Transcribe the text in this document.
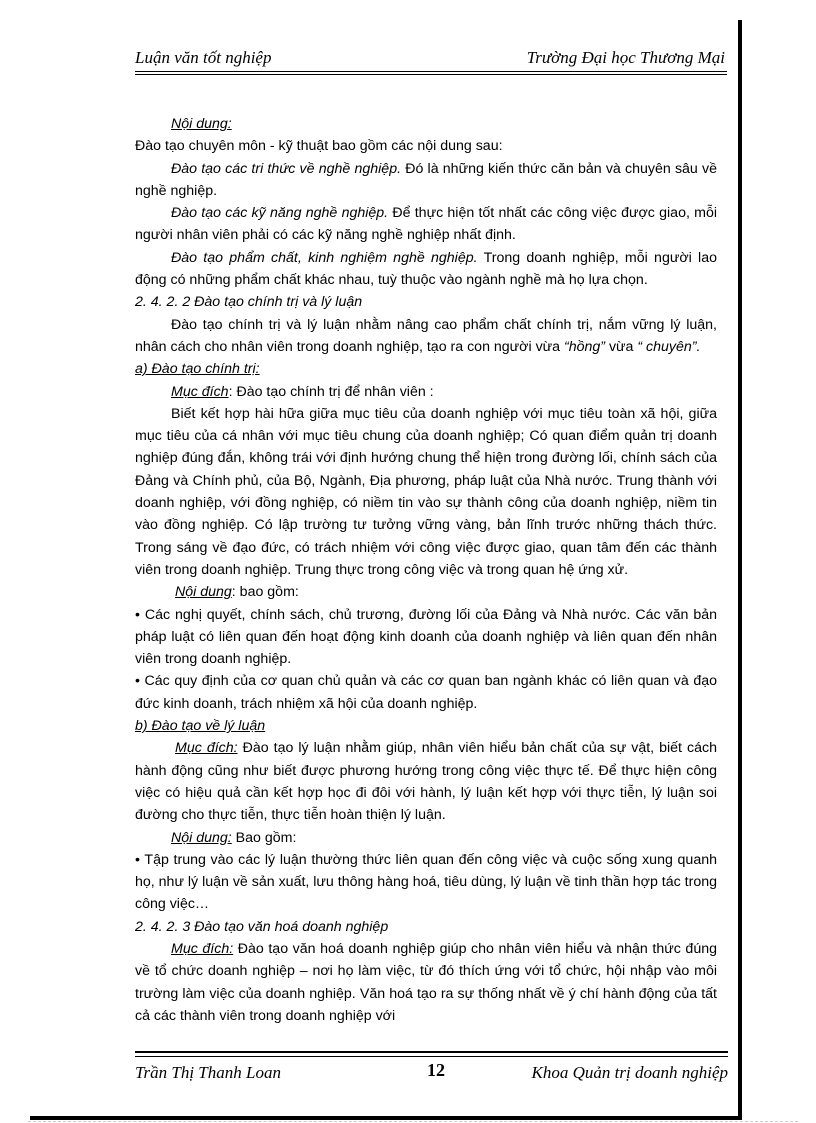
Luận văn tốt nghiệp	Trường Đại học Thương Mại

Nội dung:

Đào tạo chuyên môn - kỹ thuật bao gồm các nội dung sau:

Đào tạo các tri thức về nghề nghiệp. Đó là những kiến thức căn bản và chuyên sâu về nghề nghiệp.

Đào tạo các kỹ năng nghề nghiệp. Để thực hiện tốt nhất các công việc được giao, mỗi người nhân viên phải có các kỹ năng nghề nghiệp nhất định.

Đào tạo phẩm chất, kinh nghiệm nghề nghiệp. Trong doanh nghiệp, mỗi người lao động có những phẩm chất khác nhau, tuỳ thuộc vào ngành nghề mà họ lựa chọn.

2. 4. 2. 2 Đào tạo chính trị và lý luận

Đào tạo chính trị và lý luận nhằm nâng cao phẩm chất chính trị, nắm vững lý luận, nhân cách cho nhân viên trong doanh nghiệp, tạo ra con người vừa “hồng” vừa “ chuyên”.

a) Đào tạo chính trị:

Mục đích: Đào tạo chính trị để nhân viên :

Biết kết hợp hài hữa giữa mục tiêu của doanh nghiệp với mục tiêu toàn xã hội, giữa mục tiêu của cá nhân với mục tiêu chung của doanh nghiệp; Có quan điểm quản trị doanh nghiệp đúng đắn, không trái với định hướng chung thể hiện trong đường lối, chính sách của Đảng và Chính phủ, của Bộ, Ngành, Địa phương, pháp luật của Nhà nước. Trung thành với doanh nghiệp, với đồng nghiệp, có niềm tin vào sự thành công của doanh nghiệp, niềm tin vào đồng nghiệp. Có lập trường tư tưởng vững vàng, bản lĩnh trước những thách thức. Trong sáng về đạo đức, có trách nhiệm với công việc được giao, quan tâm đến các thành viên trong doanh nghiệp. Trung thực trong công việc và trong quan hệ ứng xử.

Nội dung: bao gồm:

• Các nghị quyết, chính sách, chủ trương, đường lối của Đảng và Nhà nước. Các văn bản pháp luật có liên quan đến hoạt động kinh doanh của doanh nghiệp và liên quan đến nhân viên trong doanh nghiệp.

• Các quy định của cơ quan chủ quản và các cơ quan ban ngành khác có liên quan và đạo đức kinh doanh, trách nhiệm xã hội của doanh nghiệp.

b) Đào tạo về lý luận

Mục đích: Đào tạo lý luận nhằm giúp, nhân viên hiểu bản chất của sự vật, biết cách hành động cũng như biết được phương hướng trong công việc thực tế. Để thực hiện công việc có hiệu quả cần kết hợp học đi đôi với hành, lý luận kết hợp với thực tiễn, lý luận soi đường cho thực tiễn, thực tiễn hoàn thiện lý luận.

Nội dung: Bao gồm:

• Tập trung vào các lý luận thường thức liên quan đến công việc và cuộc sống xung quanh họ, như lý luận về sản xuất, lưu thông hàng hoá, tiêu dùng, lý luận về tinh thần hợp tác trong công việc…

2. 4. 2. 3 Đào tạo văn hoá doanh nghiệp

Mục đích: Đào tạo văn hoá doanh nghiệp giúp cho nhân viên hiểu và nhận thức đúng về tổ chức doanh nghiệp – nơi họ làm việc, từ đó thích ứng với tổ chức, hội nhập vào môi trường làm việc của doanh nghiệp. Văn hoá tạo ra sự thống nhất về ý chí hành động của tất cả các thành viên trong doanh nghiệp với

Trần Thị Thanh Loan	12	Khoa Quản trị doanh nghiệp
